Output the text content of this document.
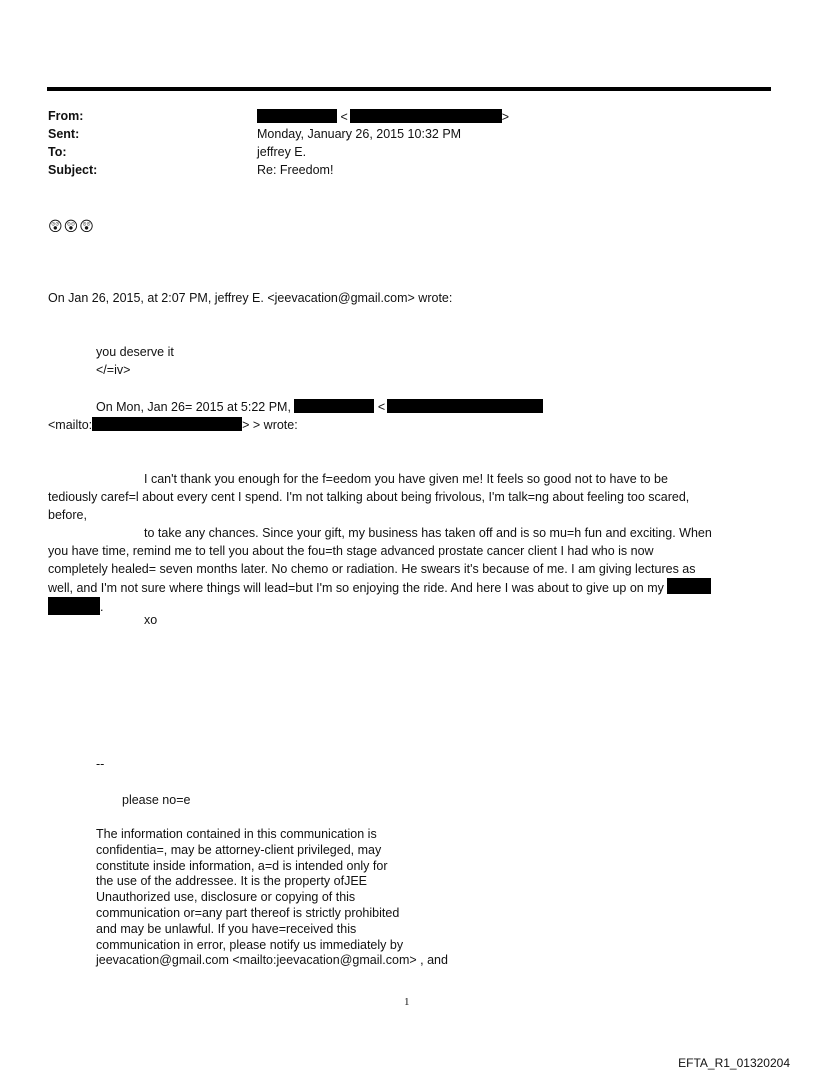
From:	<	>
Sent:	Monday, January 26, 2015 10:32 PM
To:	jeffrey E.
Subject:	Re: Freedom!
😲😲😲
On Jan 26, 2015, at 2:07 PM, jeffrey E. <jeevacation@gmail.com> wrote:
you deserve it
</=iv>
On Mon, Jan 26= 2015 at 5:22 PM,	<
<mailto:	> > wrote:
I can't thank you enough for the f=eedom you have given me! It feels so good not to have to be
tediously caref=l about every cent I spend. I'm not talking about being frivolous, I'm talk=ng about feeling too scared,
before,
to take any chances. Since your gift, my business has taken off and is so mu=h fun and exciting. When
you have time, remind me to tell you about the fou=th stage advanced prostate cancer client I had who is now
completely healed= seven months later. No chemo or radiation. He swears it's because of me. I am giving lectures as
well, and I'm not sure where things will lead=but I'm so enjoying the ride. And here I was about to give up on my
.
xo
--
please no=e
The information contained in this communication is
confidentia=, may be attorney-client privileged, may
constitute inside information, a=d is intended only for
the use of the addressee. It is the property ofJEE
Unauthorized use, disclosure or copying of this
communication or=any part thereof is strictly prohibited
and may be unlawful. If you have=received this
communication in error, please notify us immediately by
jeevacation@gmail.com <mailto:jeevacation@gmail.com> , and
1
EFTA_R1_01320204
